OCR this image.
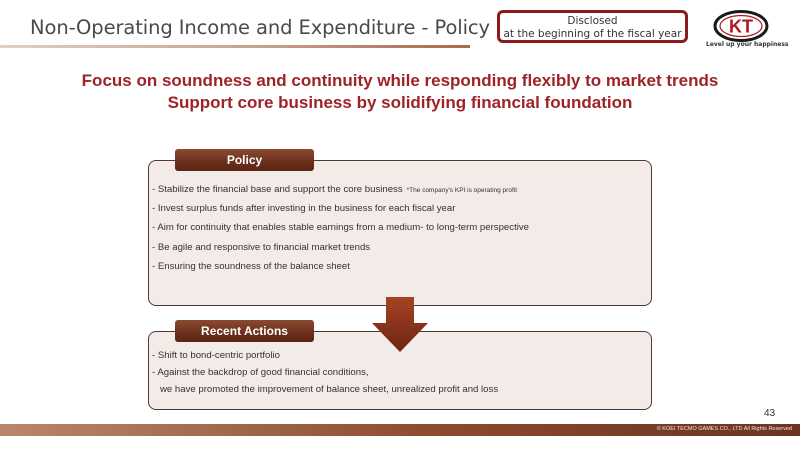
Non-Operating Income and Expenditure - Policy	Disclosed
at the beginning of the fiscal year	KT
Level up your happiness
Focus on soundness and continuity while responding flexibly to market trends
Support core business by solidifying financial foundation
Policy
- Stabilize the financial base and support the core business *The company's KPI is operating profit
- Invest surplus funds after investing in the business for each fiscal year
- Aim for continuity that enables stable earnings from a medium- to long-term perspective
- Be agile and responsive to financial market trends
- Ensuring the soundness of the balance sheet
Recent Actions
- Shift to bond-centric portfolio
- Against the backdrop of good financial conditions,
we have promoted the improvement of balance sheet, unrealized profit and loss
43
© KOEI TECMO GAMES CO., LTD All Rights Reserved
